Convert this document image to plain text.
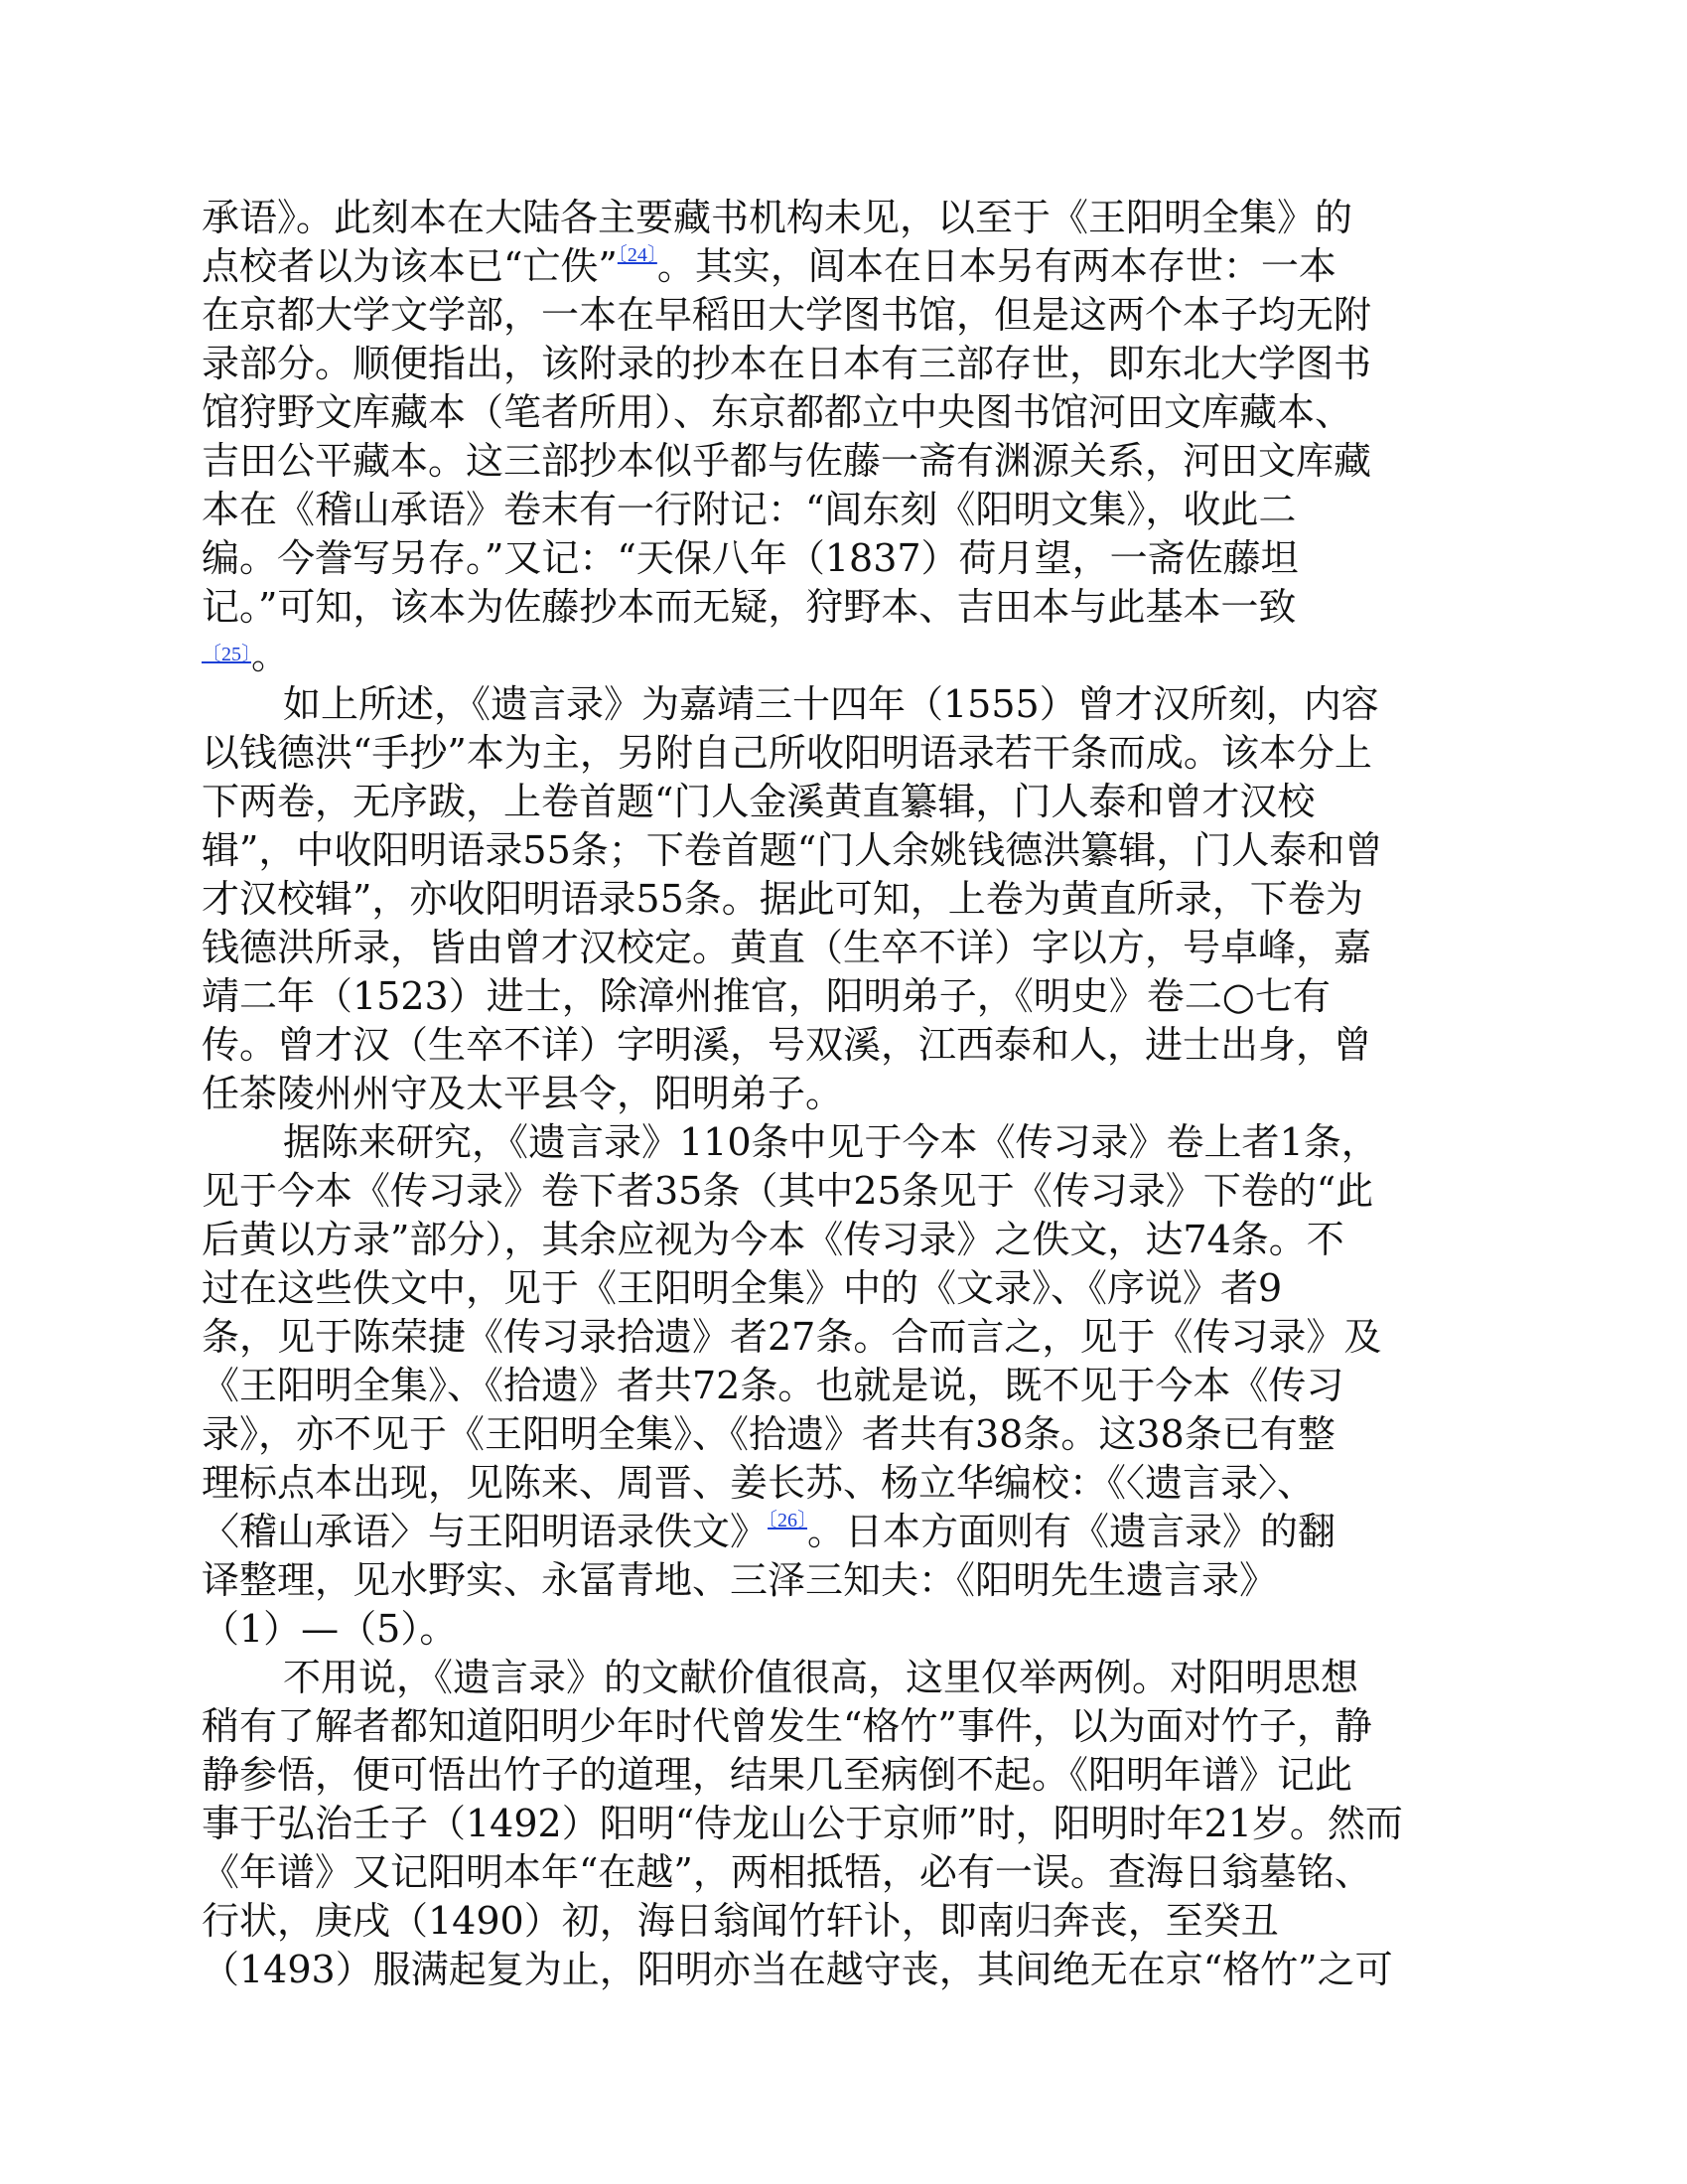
承语》。此刻本在大陆各主要藏书机构未见，以至于《王阳明全集》的
点校者以为该本已“亡佚”$^{〔24〕}$。其实，闾本在日本另有两本存世：一本
在京都大学文学部，一本在早稻田大学图书馆，但是这两个本子均无附
录部分。顺便指出，该附录的抄本在日本有三部存世，即东北大学图书
馆狩野文库藏本（笔者所用）、东京都都立中央图书馆河田文库藏本、
吉田公平藏本。这三部抄本似乎都与佐藤一斋有渊源关系，河田文库藏
本在《稽山承语》卷末有一行附记：“闾东刻《阳明文集》，收此二
编。今誊写另存。”又记：“天保八年（1837）荷月望，一斋佐藤坦
记。”可知，该本为佐藤抄本而无疑，狩野本、吉田本与此基本一致
$^{〔25〕}$。
如上所述，《遗言录》为嘉靖三十四年（1555）曾才汉所刻，内容
以钱德洪“手抄”本为主，另附自己所收阳明语录若干条而成。该本分上
下两卷，无序跋，上卷首题“门人金溪黄直纂辑，门人泰和曾才汉校
辑”，中收阳明语录55条；下卷首题“门人余姚钱德洪纂辑，门人泰和曾
才汉校辑”，亦收阳明语录55条。据此可知，上卷为黄直所录，下卷为
钱德洪所录，皆由曾才汉校定。黄直（生卒不详）字以方，号卓峰，嘉
靖二年（1523）进士，除漳州推官，阳明弟子，《明史》卷二○七有
传。曾才汉（生卒不详）字明溪，号双溪，江西泰和人，进士出身，曾
任茶陵州州守及太平县令，阳明弟子。
据陈来研究，《遗言录》110条中见于今本《传习录》卷上者1条，
见于今本《传习录》卷下者35条（其中25条见于《传习录》下卷的“此
后黄以方录”部分），其余应视为今本《传习录》之佚文，达74条。不
过在这些佚文中，见于《王阳明全集》中的《文录》、《序说》者9
条，见于陈荣捷《传习录拾遗》者27条。合而言之，见于《传习录》及
《王阳明全集》、《拾遗》者共72条。也就是说，既不见于今本《传习
录》，亦不见于《王阳明全集》、《拾遗》者共有38条。这38条已有整
理标点本出现，见陈来、周晋、姜长苏、杨立华编校：《〈遗言录〉、
〈稽山承语〉与王阳明语录佚文》$^{〔26〕}$。日本方面则有《遗言录》的翻
译整理，见水野实、永冨青地、三泽三知夫：《阳明先生遗言录》
（1）—（5）。
不用说，《遗言录》的文献价值很高，这里仅举两例。对阳明思想
稍有了解者都知道阳明少年时代曾发生“格竹”事件，以为面对竹子，静
静参悟，便可悟出竹子的道理，结果几至病倒不起。《阳明年谱》记此
事于弘治壬子（1492）阳明“侍龙山公于京师”时，阳明时年21岁。然而
《年谱》又记阳明本年“在越”，两相抵牾，必有一误。查海日翁墓铭、
行状，庚戌（1490）初，海日翁闻竹轩讣，即南归奔丧，至癸丑
（1493）服满起复为止，阳明亦当在越守丧，其间绝无在京“格竹”之可
